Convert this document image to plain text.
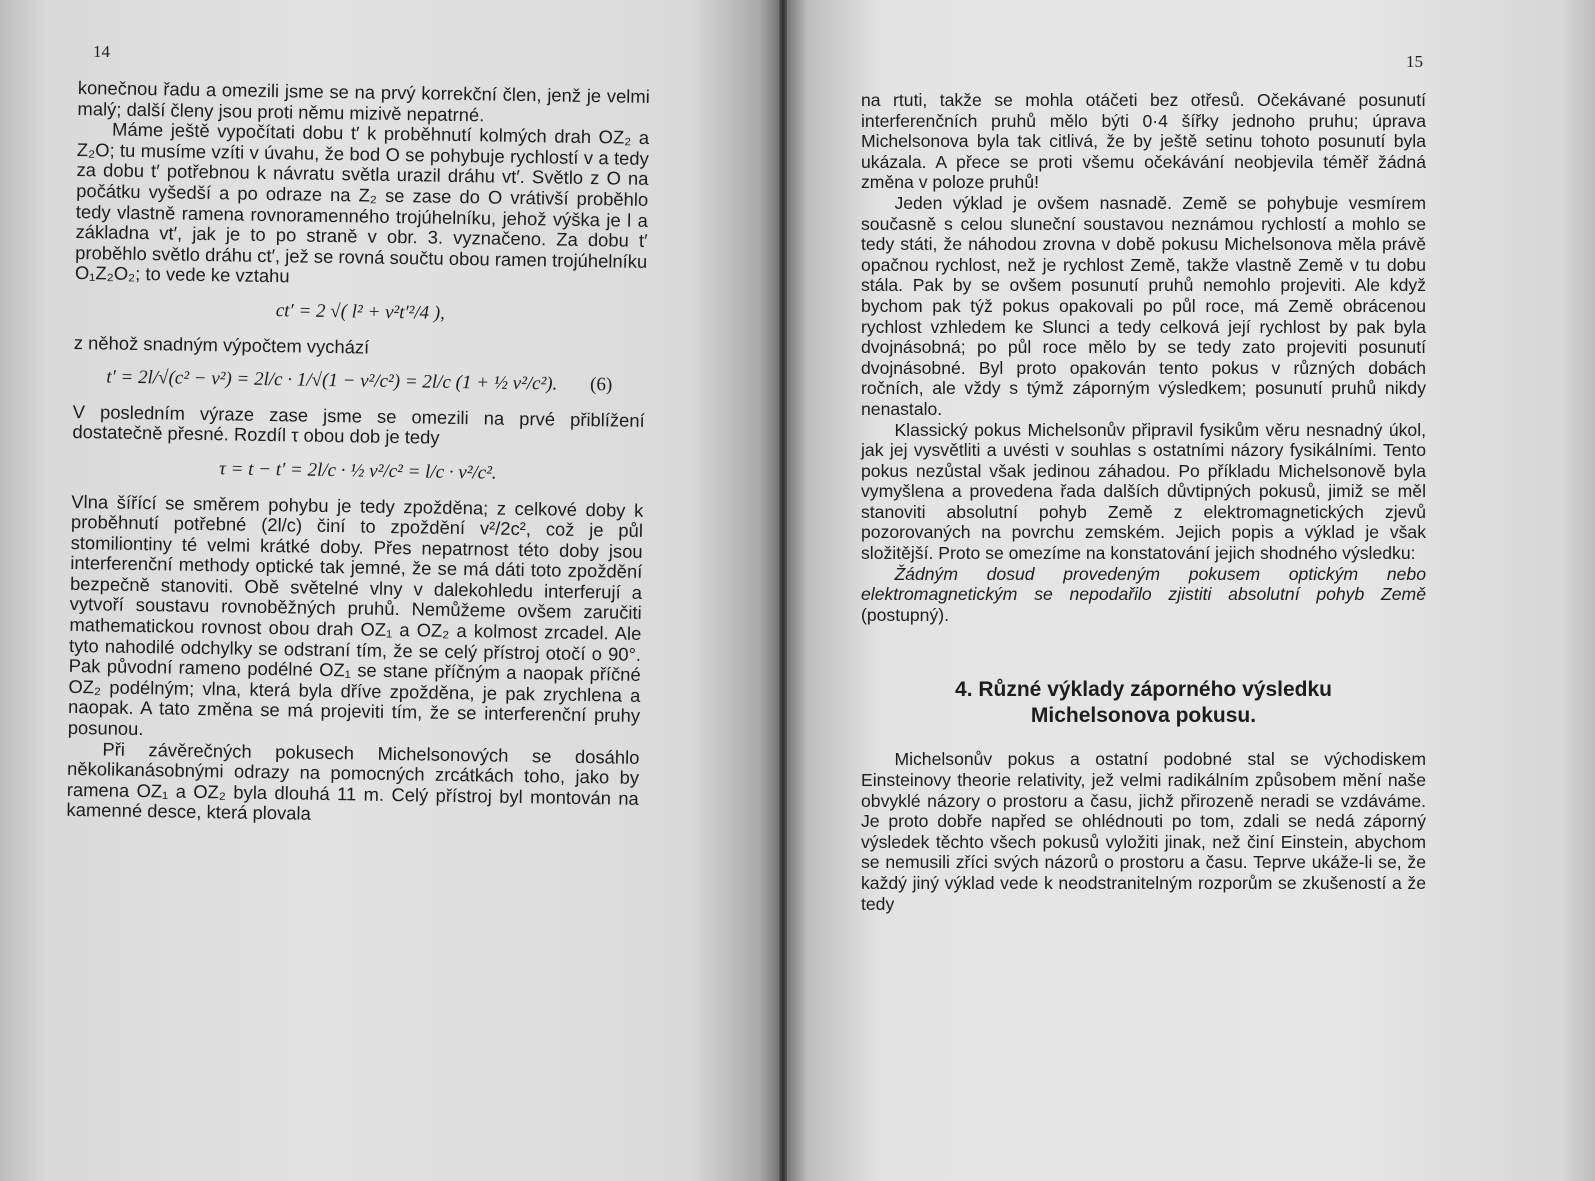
14

konečnou řadu a omezili jsme se na prvý korrekční člen, jenž je velmi malý; další členy jsou proti němu mizivě nepatrné.

Máme ještě vypočítati dobu t′ k proběhnutí kolmých drah OZ₂ a Z₂O; tu musíme vzíti v úvahu, že bod O se pohybuje rychlostí v a tedy za dobu t′ potřebnou k návratu světla urazil dráhu vt′. Světlo z O na počátku vyšedší a po odraze na Z₂ se zase do O vrátivší proběhlo tedy vlastně ramena rovnoramenného trojúhelníku, jehož výška je l a základna vt′, jak je to po straně v obr. 3. vyznačeno. Za dobu t′ proběhlo světlo dráhu ct′, jež se rovná součtu obou ramen trojúhelníku O₁Z₂O₂; to vede ke vztahu

ct′ = 2 √( l² + v²t′²/4 ),

z něhož snadným výpočtem vychází

t′ = 2l/√(c² − v²) = 2l/c · 1/√(1 − v²/c²) = 2l/c (1 + ½ v²/c²). (6)

V posledním výraze zase jsme se omezili na prvé přiblížení dostatečně přesné. Rozdíl τ obou dob je tedy

τ = t − t′ = 2l/c · ½ v²/c² = l/c · v²/c².

Vlna šířící se směrem pohybu je tedy zpožděna; z celkové doby k proběhnutí potřebné (2l/c) činí to zpoždění v²/2c², což je půl stomiliontiny té velmi krátké doby. Přes nepatrnost této doby jsou interferenční methody optické tak jemné, že se má dáti toto zpoždění bezpečně stanoviti. Obě světelné vlny v dalekohledu interferují a vytvoří soustavu rovnoběžných pruhů. Nemůžeme ovšem zaručiti mathematickou rovnost obou drah OZ₁ a OZ₂ a kolmost zrcadel. Ale tyto nahodilé odchylky se odstraní tím, že se celý přístroj otočí o 90°. Pak původní rameno podélné OZ₁ se stane příčným a naopak příčné OZ₂ podélným; vlna, která byla dříve zpožděna, je pak zrychlena a naopak. A tato změna se má projeviti tím, že se interferenční pruhy posunou.

Při závěrečných pokusech Michelsonových se dosáhlo několikanásobnými odrazy na pomocných zrcátkách toho, jako by ramena OZ₁ a OZ₂ byla dlouhá 11 m. Celý přístroj byl montován na kamenné desce, která plovala

15

na rtuti, takže se mohla otáčeti bez otřesů. Očekávané posunutí interferenčních pruhů mělo býti 0·4 šířky jednoho pruhu; úprava Michelsonova byla tak citlivá, že by ještě setinu tohoto posunutí byla ukázala. A přece se proti všemu očekávání neobjevila téměř žádná změna v poloze pruhů!

Jeden výklad je ovšem nasnadě. Země se pohybuje vesmírem současně s celou sluneční soustavou neznámou rychlostí a mohlo se tedy státi, že náhodou zrovna v době pokusu Michelsonova měla právě opačnou rychlost, než je rychlost Země, takže vlastně Země v tu dobu stála. Pak by se ovšem posunutí pruhů nemohlo projeviti. Ale když bychom pak týž pokus opakovali po půl roce, má Země obrácenou rychlost vzhledem ke Slunci a tedy celková její rychlost by pak byla dvojnásobná; po půl roce mělo by se tedy zato projeviti posunutí dvojnásobné. Byl proto opakován tento pokus v různých dobách ročních, ale vždy s týmž záporným výsledkem; posunutí pruhů nikdy nenastalo.

Klassický pokus Michelsonův připravil fysikům věru nesnadný úkol, jak jej vysvětliti a uvésti v souhlas s ostatními názory fysikálními. Tento pokus nezůstal však jedinou záhadou. Po příkladu Michelsonově byla vymyšlena a provedena řada dalších důvtipných pokusů, jimiž se měl stanoviti absolutní pohyb Země z elektromagnetických zjevů pozorovaných na povrchu zemském. Jejich popis a výklad je však složitější. Proto se omezíme na konstatování jejich shodného výsledku:

Žádným dosud provedeným pokusem optickým nebo elektromagnetickým se nepodařilo zjistiti absolutní pohyb Země (postupný).

4. Různé výklady záporného výsledku
Michelsonova pokusu.

Michelsonův pokus a ostatní podobné stal se východiskem Einsteinovy theorie relativity, jež velmi radikálním způsobem mění naše obvyklé názory o prostoru a času, jichž přirozeně neradi se vzdáváme. Je proto dobře napřed se ohlédnouti po tom, zdali se nedá záporný výsledek těchto všech pokusů vyložiti jinak, než činí Einstein, abychom se nemusili zříci svých názorů o prostoru a času. Teprve ukáže-li se, že každý jiný výklad vede k neodstranitelným rozporům se zkušeností a že tedy
